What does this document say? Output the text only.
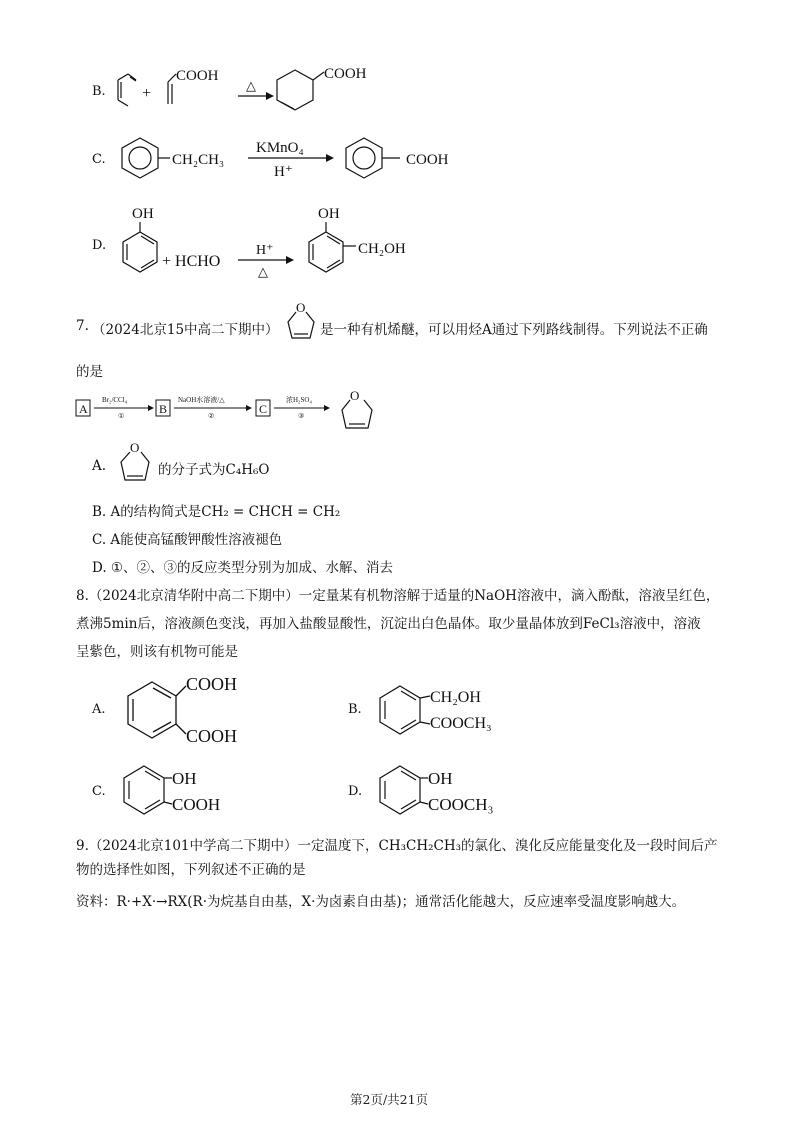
B. +
COOH
△
COOH
C.	CH₂CH₃
KMnO₄
H⁺
COOH
D.
OH
+ HCHO
H⁺
△
OH
CH₂OH
7. （2024北京15中高二下期中）
O
是一种有机烯醚，可以用烃A通过下列路线制得。下列说法不正确
的是
A
Br₂/CCl₄
①	B
NaOH水溶液/△
②	C
浓H₂SO₄
③
O
A.
O
的分子式为C₄H₆O
B. A的结构简式是CH₂ = CHCH = CH₂
C. A能使高锰酸钾酸性溶液褪色
D. ①、②、③的反应类型分别为加成、水解、消去
8.（2024北京清华附中高二下期中）一定量某有机物溶解于适量的NaOH溶液中，滴入酚酞，溶液呈红色，
煮沸5min后，溶液颜色变浅，再加入盐酸显酸性，沉淀出白色晶体。取少量晶体放到FeCl₃溶液中，溶液
呈紫色，则该有机物可能是
A.
COOH
COOH
B.
CH₂OH
COOCH₃
C.
OH
COOH
D.
OH
COOCH₃
9.（2024北京101中学高二下期中）一定温度下，CH₃CH₂CH₃的氯化、溴化反应能量变化及一段时间后产
物的选择性如图，下列叙述不正确的是
资料：R·+X·→RX(R·为烷基自由基，X·为卤素自由基)；通常活化能越大，反应速率受温度影响越大。
第2页/共21页
